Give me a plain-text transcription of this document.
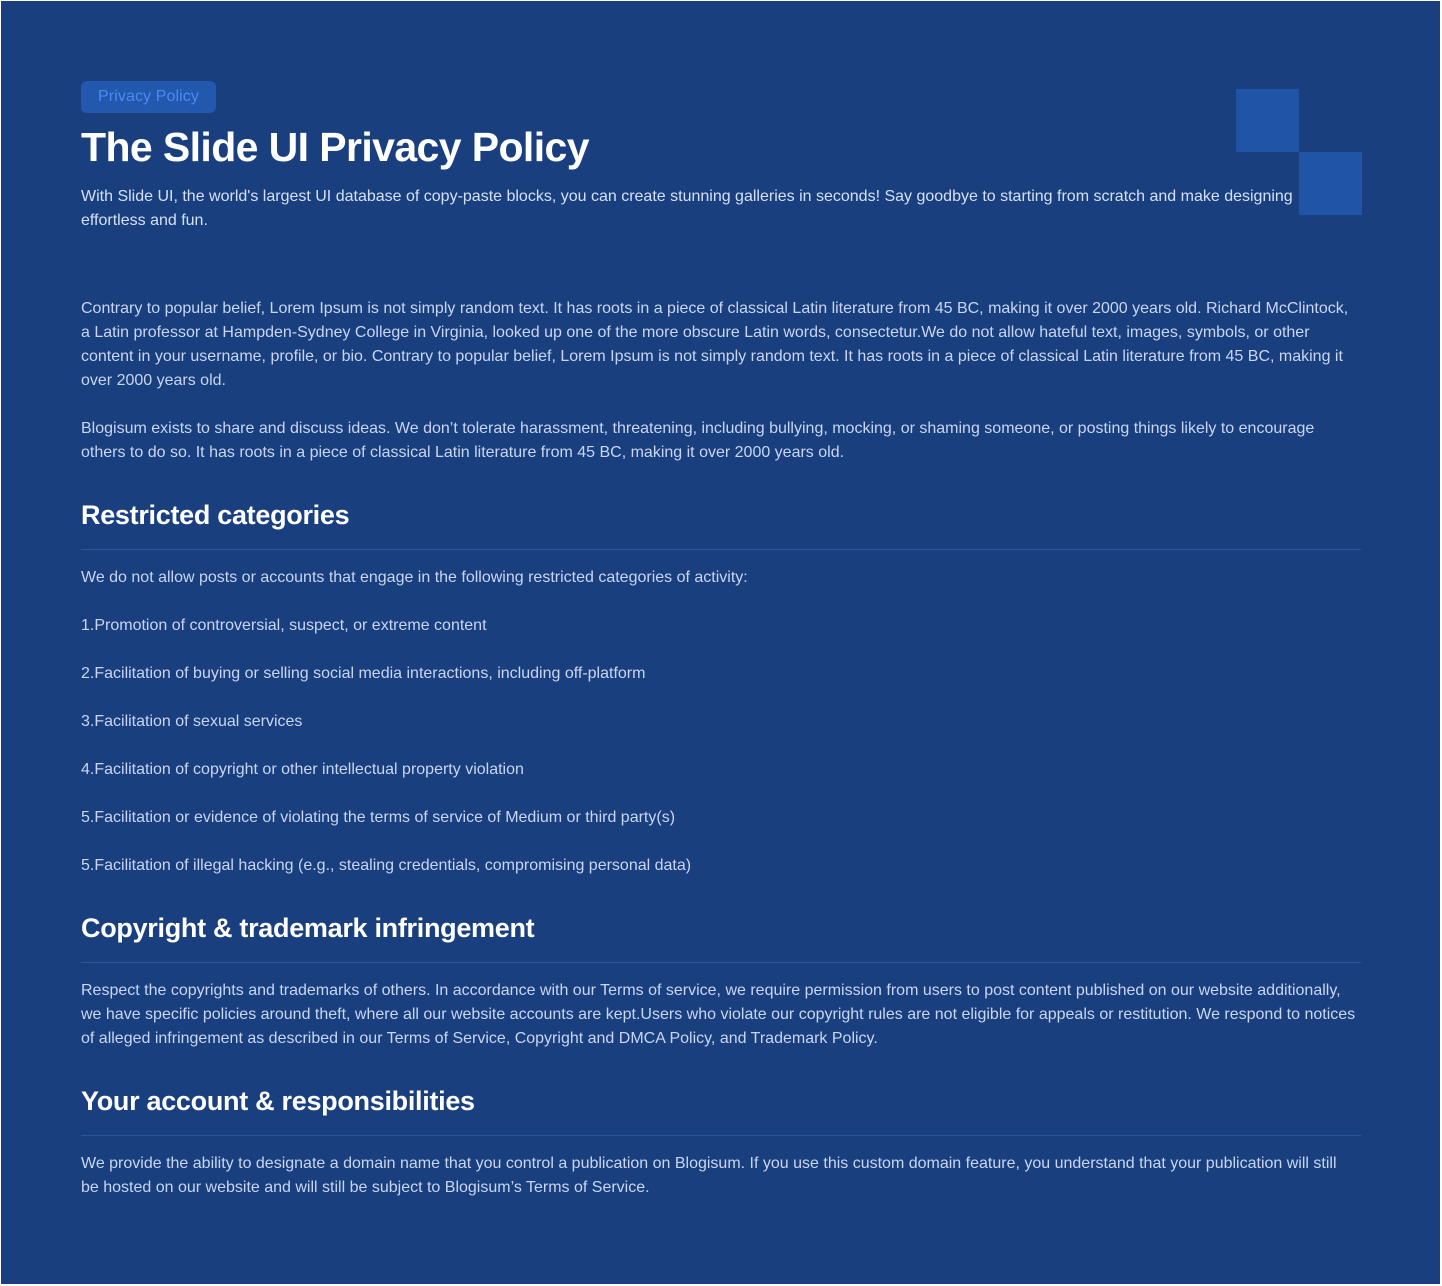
Privacy Policy
The Slide UI Privacy Policy

With Slide UI, the world's largest UI database of copy-paste blocks, you can create stunning galleries in seconds! Say goodbye to starting from scratch and make designing effortless and fun.

Contrary to popular belief, Lorem Ipsum is not simply random text. It has roots in a piece of classical Latin literature from 45 BC, making it over 2000 years old. Richard McClintock, a Latin professor at Hampden-Sydney College in Virginia, looked up one of the more obscure Latin words, consectetur.We do not allow hateful text, images, symbols, or other content in your username, profile, or bio. Contrary to popular belief, Lorem Ipsum is not simply random text. It has roots in a piece of classical Latin literature from 45 BC, making it over 2000 years old.

Blogisum exists to share and discuss ideas. We don’t tolerate harassment, threatening, including bullying, mocking, or shaming someone, or posting things likely to encourage others to do so. It has roots in a piece of classical Latin literature from 45 BC, making it over 2000 years old.

Restricted categories

We do not allow posts or accounts that engage in the following restricted categories of activity:

1.Promotion of controversial, suspect, or extreme content

2.Facilitation of buying or selling social media interactions, including off-platform

3.Facilitation of sexual services

4.Facilitation of copyright or other intellectual property violation

5.Facilitation or evidence of violating the terms of service of Medium or third party(s)

5.Facilitation of illegal hacking (e.g., stealing credentials, compromising personal data)

Copyright & trademark infringement

Respect the copyrights and trademarks of others. In accordance with our Terms of service, we require permission from users to post content published on our website additionally, we have specific policies around theft, where all our website accounts are kept.Users who violate our copyright rules are not eligible for appeals or restitution. We respond to notices of alleged infringement as described in our Terms of Service, Copyright and DMCA Policy, and Trademark Policy.

Your account & responsibilities

We provide the ability to designate a domain name that you control a publication on Blogisum. If you use this custom domain feature, you understand that your publication will still be hosted on our website and will still be subject to Blogisum’s Terms of Service.
